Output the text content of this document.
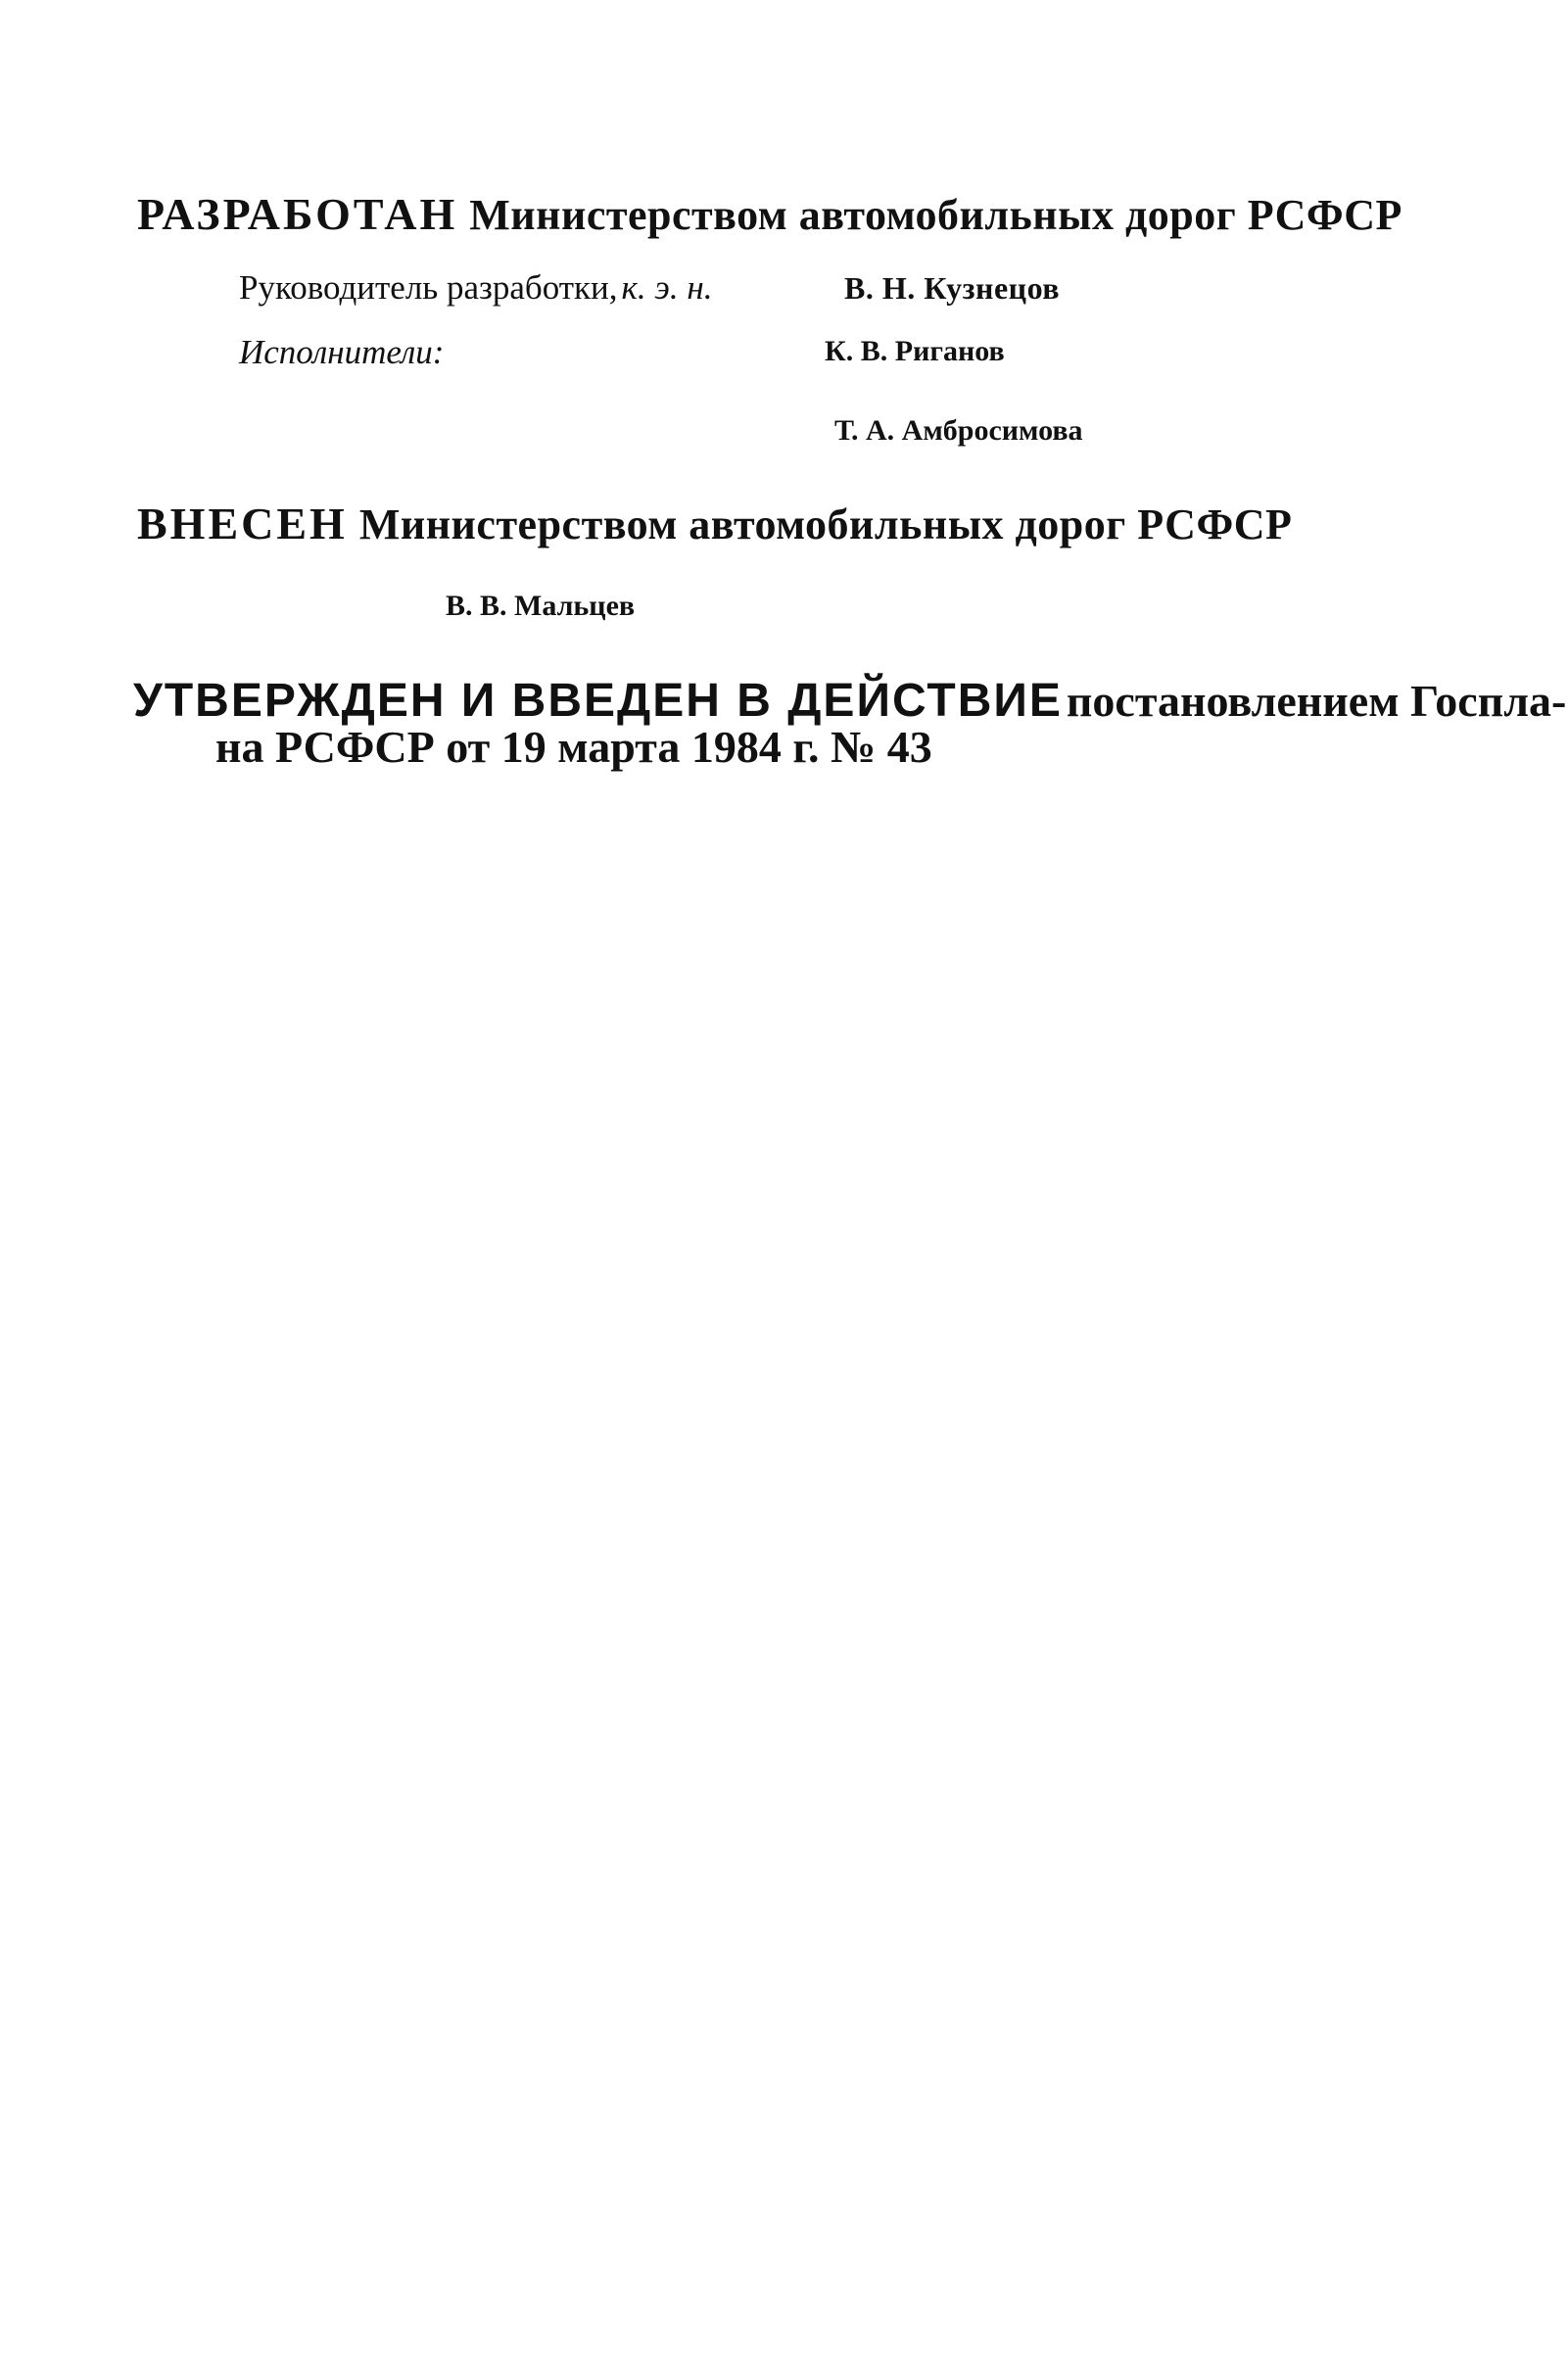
РАЗРАБОТАН Министерством автомобильных дорог РСФСР
Руководитель разработки, к. э. н.	В. Н. Кузнецов
Исполнители:	К. В. Риганов
Т. А. Амбросимова
ВНЕСЕН Министерством автомобильных дорог РСФСР
В. В. Мальцев
УТВЕРЖДЕН И ВВЕДЕН В ДЕЙСТВИЕ постановлением Госпла-
на РСФСР от 19 марта 1984 г. № 43
